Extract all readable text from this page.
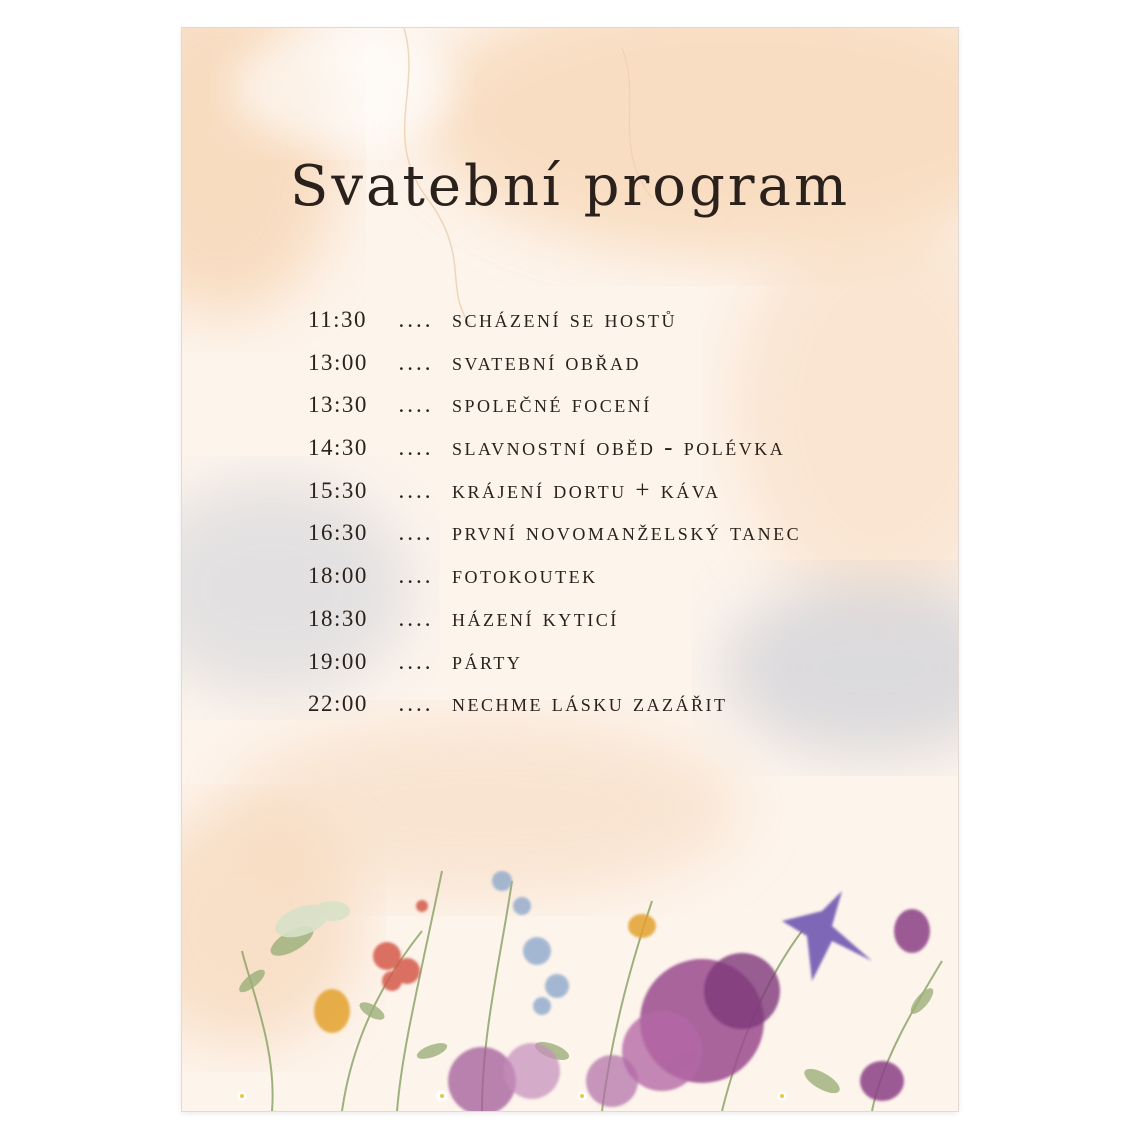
Svatební program
11:30	.... scházení se hostů
13:00	.... svatební obřad
13:30	.... společné focení
14:30	.... slavnostní oběd - polévka
15:30	.... krájení dortu + káva
16:30	.... první novomanželský tanec
18:00	.... fotokoutek
18:30	.... házení kyticí
19:00	.... párty
22:00	.... nechme lásku zazářit
